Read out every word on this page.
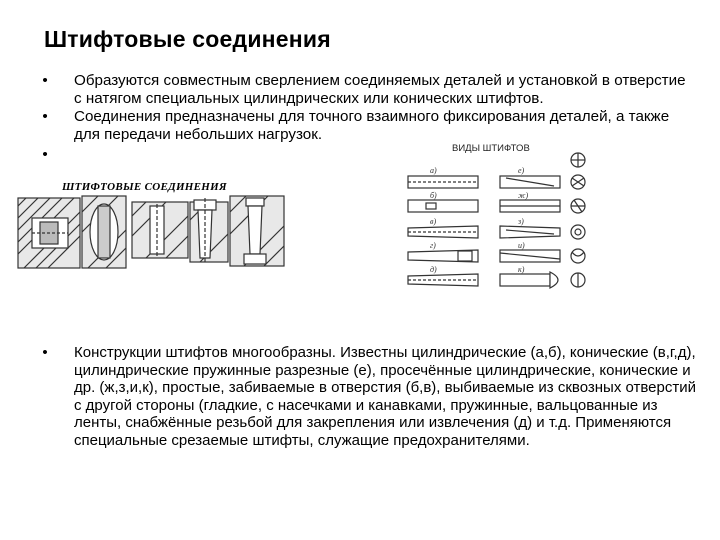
Штифтовые соединения
• Образуются совместным сверлением соединяемых деталей и установкой в отверстие с натягом специальных цилиндрических или конических штифтов.
• Соединения предназначены для точного взаимного фиксирования деталей, а также для передачи небольших нагрузок.
•
ШТИФТОВЫЕ СОЕДИНЕНИЯ
а)	е)
б)	ж)
в)	з)
г)	и)
д)	к)
ВИДЫ ШТИФТОВ
• Конструкции штифтов многообразны. Известны цилиндрические (а,б), конические (в,г,д), цилиндрические пружинные разрезные (е), просечённые цилиндрические, конические и др. (ж,з,и,к), простые, забиваемые в отверстия (б,в), выбиваемые из сквозных отверстий с другой стороны (гладкие, с насечками и канавками, пружинные, вальцованные из ленты, снабжённые резьбой для закрепления или извлечения (д) и т.д. Применяются специальные срезаемые штифты, служащие предохранителями.
